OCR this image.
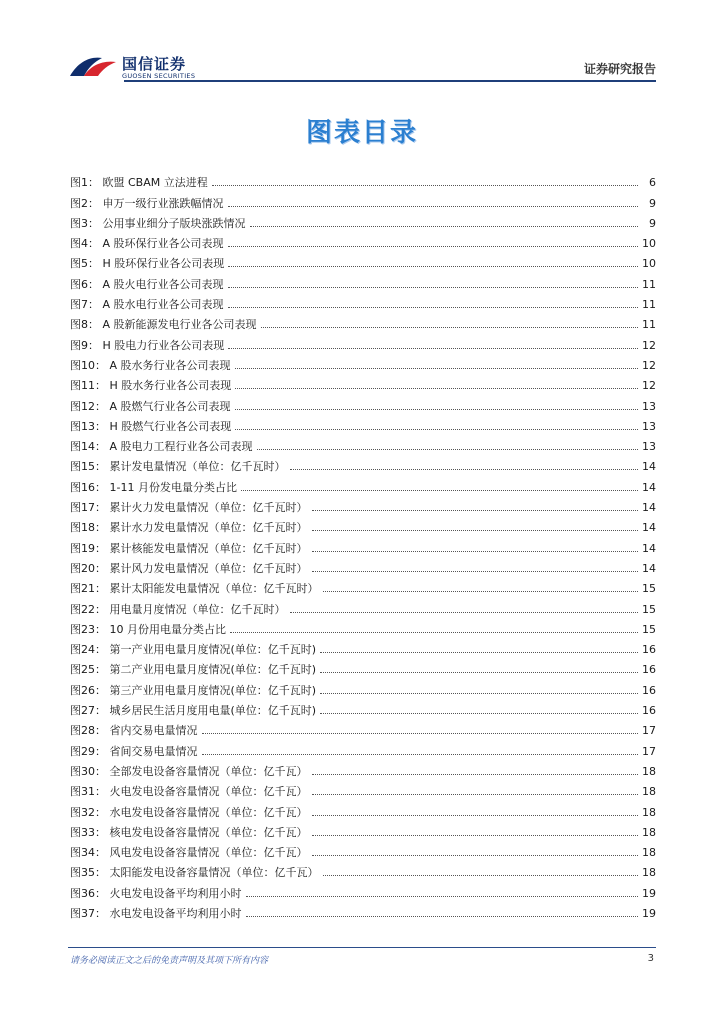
国信证券
GUOSEN SECURITIES	证券研究报告
图表目录
图1： 欧盟 CBAM 立法进程	6
图2： 申万一级行业涨跌幅情况	9
图3： 公用事业细分子版块涨跌情况	9
图4： A 股环保行业各公司表现	10
图5： H 股环保行业各公司表现	10
图6： A 股火电行业各公司表现	11
图7： A 股水电行业各公司表现	11
图8： A 股新能源发电行业各公司表现	11
图9： H 股电力行业各公司表现	12
图10： A 股水务行业各公司表现	12
图11： H 股水务行业各公司表现	12
图12： A 股燃气行业各公司表现	13
图13： H 股燃气行业各公司表现	13
图14： A 股电力工程行业各公司表现	13
图15： 累计发电量情况（单位：亿千瓦时）	14
图16： 1-11 月份发电量分类占比	14
图17： 累计火力发电量情况（单位：亿千瓦时）	14
图18： 累计水力发电量情况（单位：亿千瓦时）	14
图19： 累计核能发电量情况（单位：亿千瓦时）	14
图20： 累计风力发电量情况（单位：亿千瓦时）	14
图21： 累计太阳能发电量情况（单位：亿千瓦时）	15
图22： 用电量月度情况（单位：亿千瓦时）	15
图23： 10 月份用电量分类占比	15
图24： 第一产业用电量月度情况(单位：亿千瓦时)	16
图25： 第二产业用电量月度情况(单位：亿千瓦时)	16
图26： 第三产业用电量月度情况(单位：亿千瓦时)	16
图27： 城乡居民生活月度用电量(单位：亿千瓦时)	16
图28： 省内交易电量情况	17
图29： 省间交易电量情况	17
图30： 全部发电设备容量情况（单位：亿千瓦）	18
图31： 火电发电设备容量情况（单位：亿千瓦）	18
图32： 水电发电设备容量情况（单位：亿千瓦）	18
图33： 核电发电设备容量情况（单位：亿千瓦）	18
图34： 风电发电设备容量情况（单位：亿千瓦）	18
图35： 太阳能发电设备容量情况（单位：亿千瓦）	18
图36： 火电发电设备平均利用小时	19
图37： 水电发电设备平均利用小时	19
请务必阅读正文之后的免责声明及其项下所有内容	3
